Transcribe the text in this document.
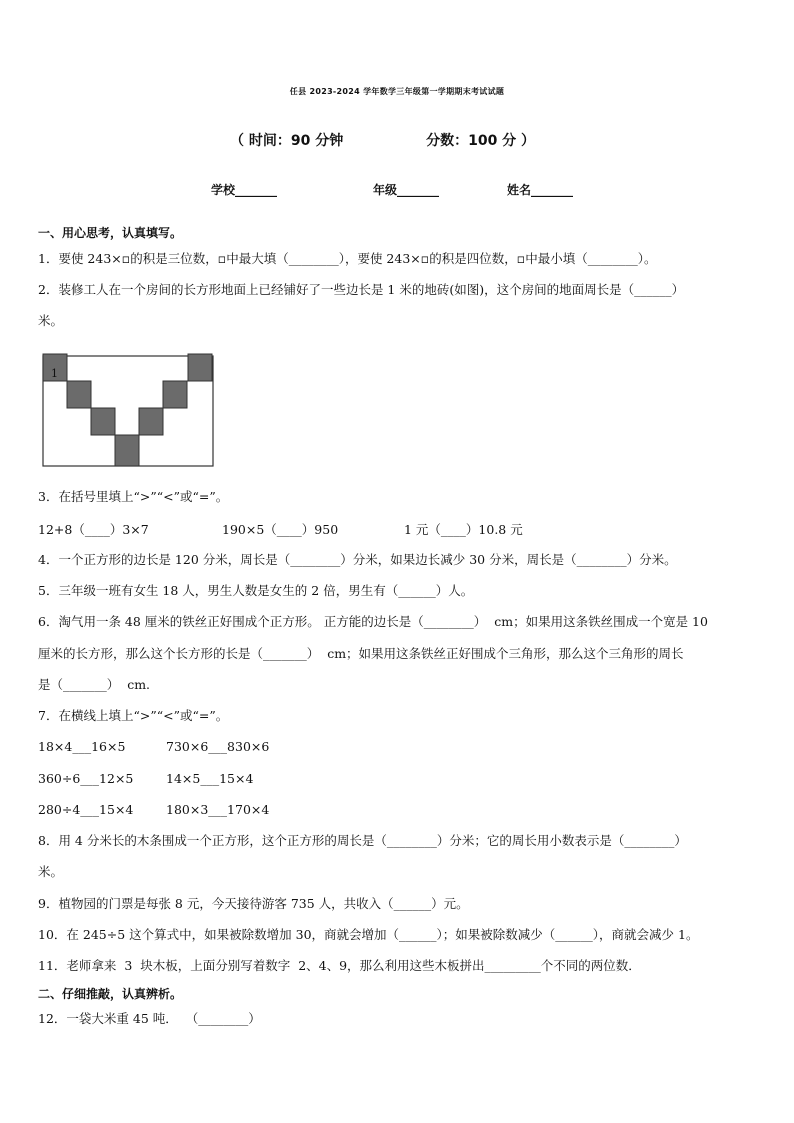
任县 2023-2024 学年数学三年级第一学期期末考试试题
（ 时间：90 分钟                 分数：100 分 ）
学校_______	年级_______	姓名_______
一、用心思考，认真填写。
1．要使 243×▫的积是三位数，▫中最大填（________），要使 243×▫的积是四位数，▫中最小填（________）。
2．装修工人在一个房间的长方形地面上已经铺好了一些边长是 1 米的地砖(如图)，这个房间的地面周长是（______）
米。
1
3．在括号里填上“>”“<”或“=”。
12+8（____）3×7	190×5（____）950	1 元（____）10.8 元
4．一个正方形的边长是 120 分米，周长是（________）分米，如果边长减少 30 分米，周长是（________）分米。
5．三年级一班有女生 18 人，男生人数是女生的 2 倍，男生有（______）人。
6．淘气用一条 48 厘米的铁丝正好围成个正方形。 正方能的边长是（________）  cm；如果用这条铁丝围成一个宽是 10
厘米的长方形，那么这个长方形的长是（_______）  cm；如果用这条铁丝正好围成个三角形，那么这个三角形的周长
是（_______）  cm.
7．在横线上填上“>”“<”或“=”。
18×4___16×5	730×6___830×6
360÷6___12×5	14×5___15×4
280÷4___15×4	180×3___170×4
8．用 4 分米长的木条围成一个正方形，这个正方形的周长是（________）分米；它的周长用小数表示是（________）
米。
9．植物园的门票是每张 8 元，今天接待游客 735 人，共收入（______）元。
10．在 245÷5 这个算式中，如果被除数增加 30，商就会增加（______）；如果被除数减少（______），商就会减少 1。
11．老师拿来  3  块木板，上面分别写着数字  2、4、9，那么利用这些木板拼出_________个不同的两位数．
二、仔细推敲，认真辨析。
12．一袋大米重 45 吨．  （________）
